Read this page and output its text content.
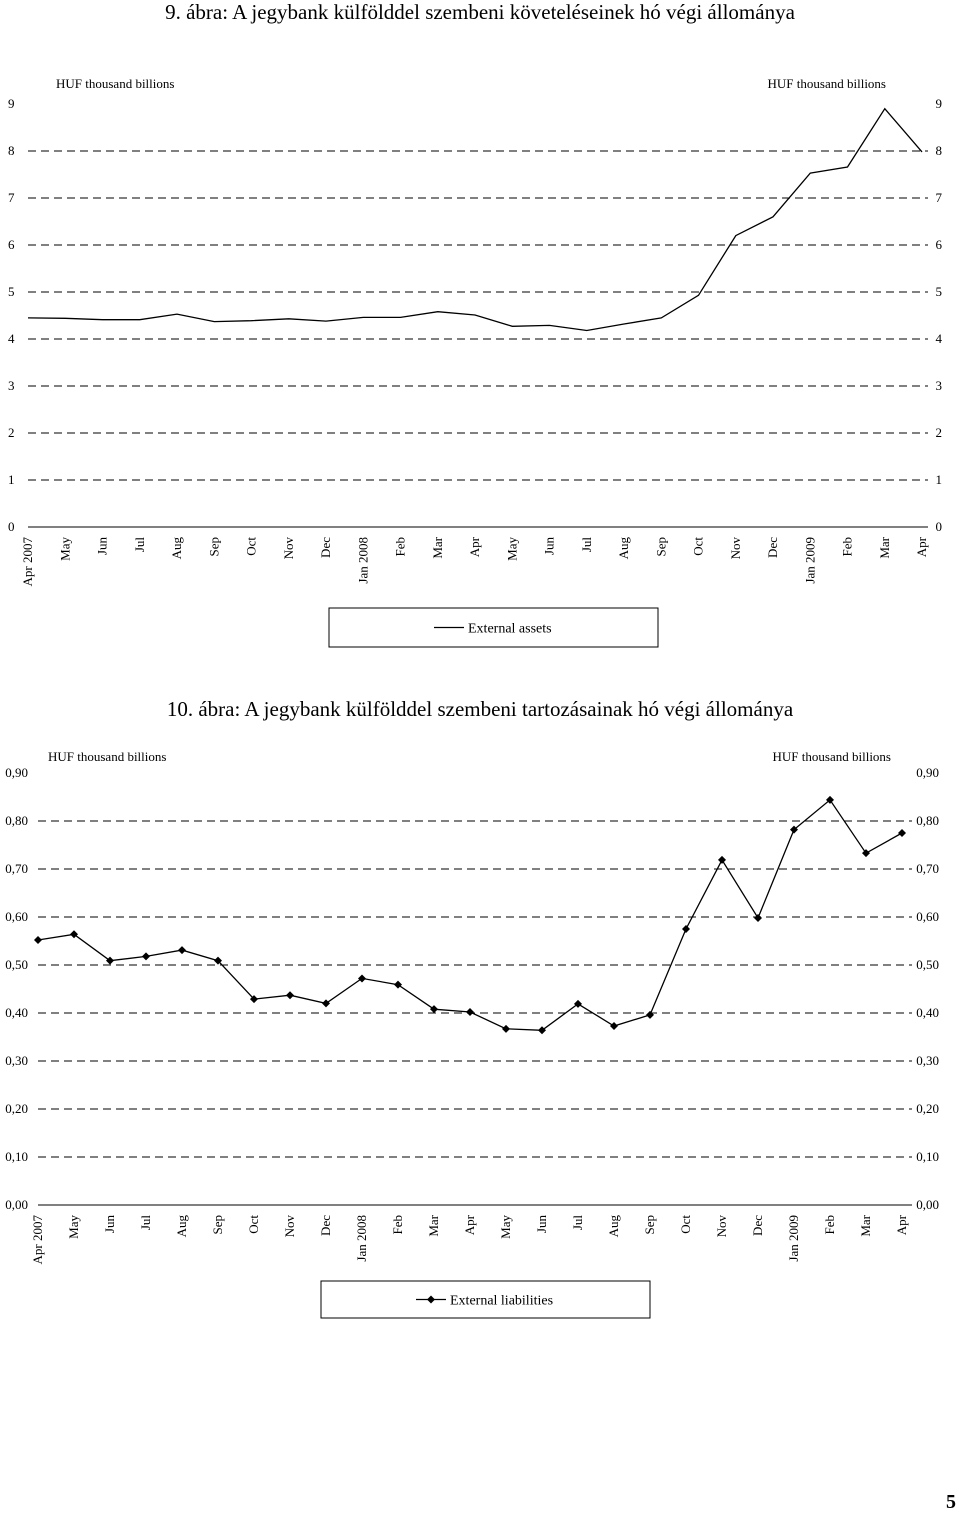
9. ábra: A jegybank külfölddel szembeni követeléseinek hó végi állománya
HUF thousand billions	HUF thousand billions
0	0
1	1
2	2
3	3
4	4
5	5
6	6
7	7
8	8
9	9
Apr 2007 May Jun Jul Aug Sep Oct Nov Dec Jan 2008 Feb Mar Apr May Jun Jul Aug Sep Oct Nov Dec Jan 2009 Feb Mar Apr
External assets
10. ábra: A jegybank külfölddel szembeni tartozásainak hó végi állománya
HUF thousand billions	HUF thousand billions
0,00	0,00
0,10	0,10
0,20	0,20
0,30	0,30
0,40	0,40
0,50	0,50
0,60	0,60
0,70	0,70
0,80	0,80
0,90	0,90
Apr 2007 May Jun Jul Aug Sep Oct Nov Dec Jan 2008 Feb Mar Apr May Jun Jul Aug Sep Oct Nov Dec Jan 2009 Feb Mar Apr
External liabilities
5
